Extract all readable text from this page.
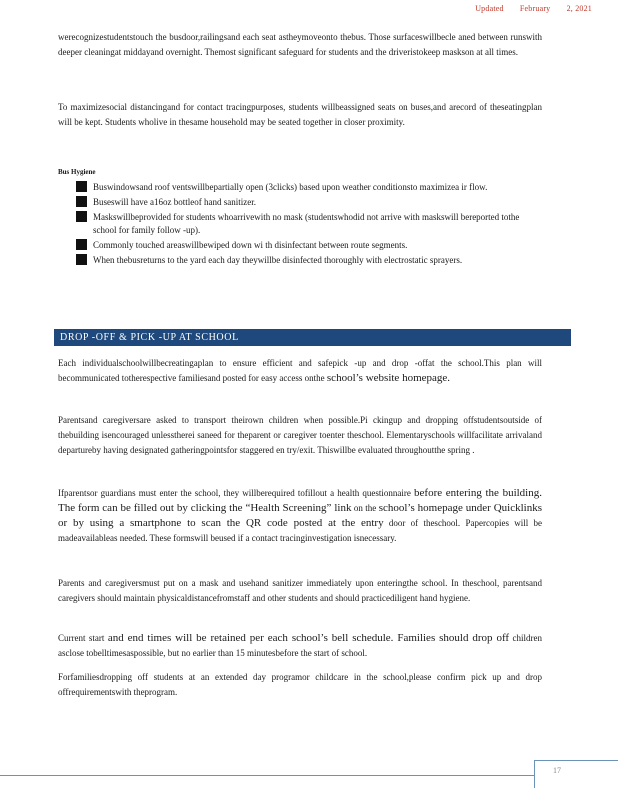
Updated February 2, 2021

werecognizestudentstouch the busdoor,railingsand each seat astheymoveonto thebus. Those surfaceswillbecle aned between runswith deeper cleaningat middayand overnight. Themost significant safeguard for students and the driveristokeep maskson at all times.

To maximizesocial distancingand for contact tracingpurposes, students willbeassigned seats on buses,and arecord of theseatingplan will be kept. Students wholive in thesame household may be seated together in closer proximity.

Bus Hygiene
Buswindowsand roof ventswillbepartially open (3clicks) based upon weather conditionsto maximizea ir flow.
Buseswill have a16oz bottleof hand sanitizer.
Maskswillbeprovided for students whoarrivewith no mask (studentswhodid not arrive with maskswill bereported tothe school for family follow -up).
Commonly touched areaswillbewiped down wi th disinfectant between route segments.
When thebusreturns to the yard each day theywillbe disinfected thoroughly with electrostatic sprayers.
DROP -OFF & PICK -UP AT SCHOOL

Each individualschoolwillbecreatingaplan to ensure efficient and safepick -up and drop -offat the school.This plan will becommunicated totherespective familiesand posted for easy access onthe school’s website homepage.

Parentsand caregiversare asked to transport theirown children when possible.Pi ckingup and dropping offstudentsoutside of thebuilding isencouraged unlesstherei saneed for theparent or caregiver toenter theschool. Elementaryschools willfacilitate arrivaland departureby having designated gatheringpointsfor staggered en try/exit. Thiswillbe evaluated throughoutthe spring .

Ifparentsor guardians must enter the school, they willberequired tofillout a health questionnaire before entering the building. The form can be filled out by clicking the “Health Screening” link on the school’s homepage under Quicklinks or by using a smartphone to scan the QR code posted at the entry door of theschool. Papercopies will be madeavailableas needed. These formswill beused if a contact tracinginvestigation isnecessary.

Parents and caregiversmust put on a mask and usehand sanitizer immediately upon enteringthe school. In theschool, parentsand caregivers should maintain physicaldistancefromstaff and other students and should practicediligent hand hygiene.

Current start and end times will be retained per each school’s bell schedule. Families should drop off children asclose tobelltimesaspossible, but no earlier than 15 minutesbefore the start of school.

Forfamiliesdropping off students at an extended day programor childcare in the school,please confirm pick up and drop offrequirementswith theprogram.

17
